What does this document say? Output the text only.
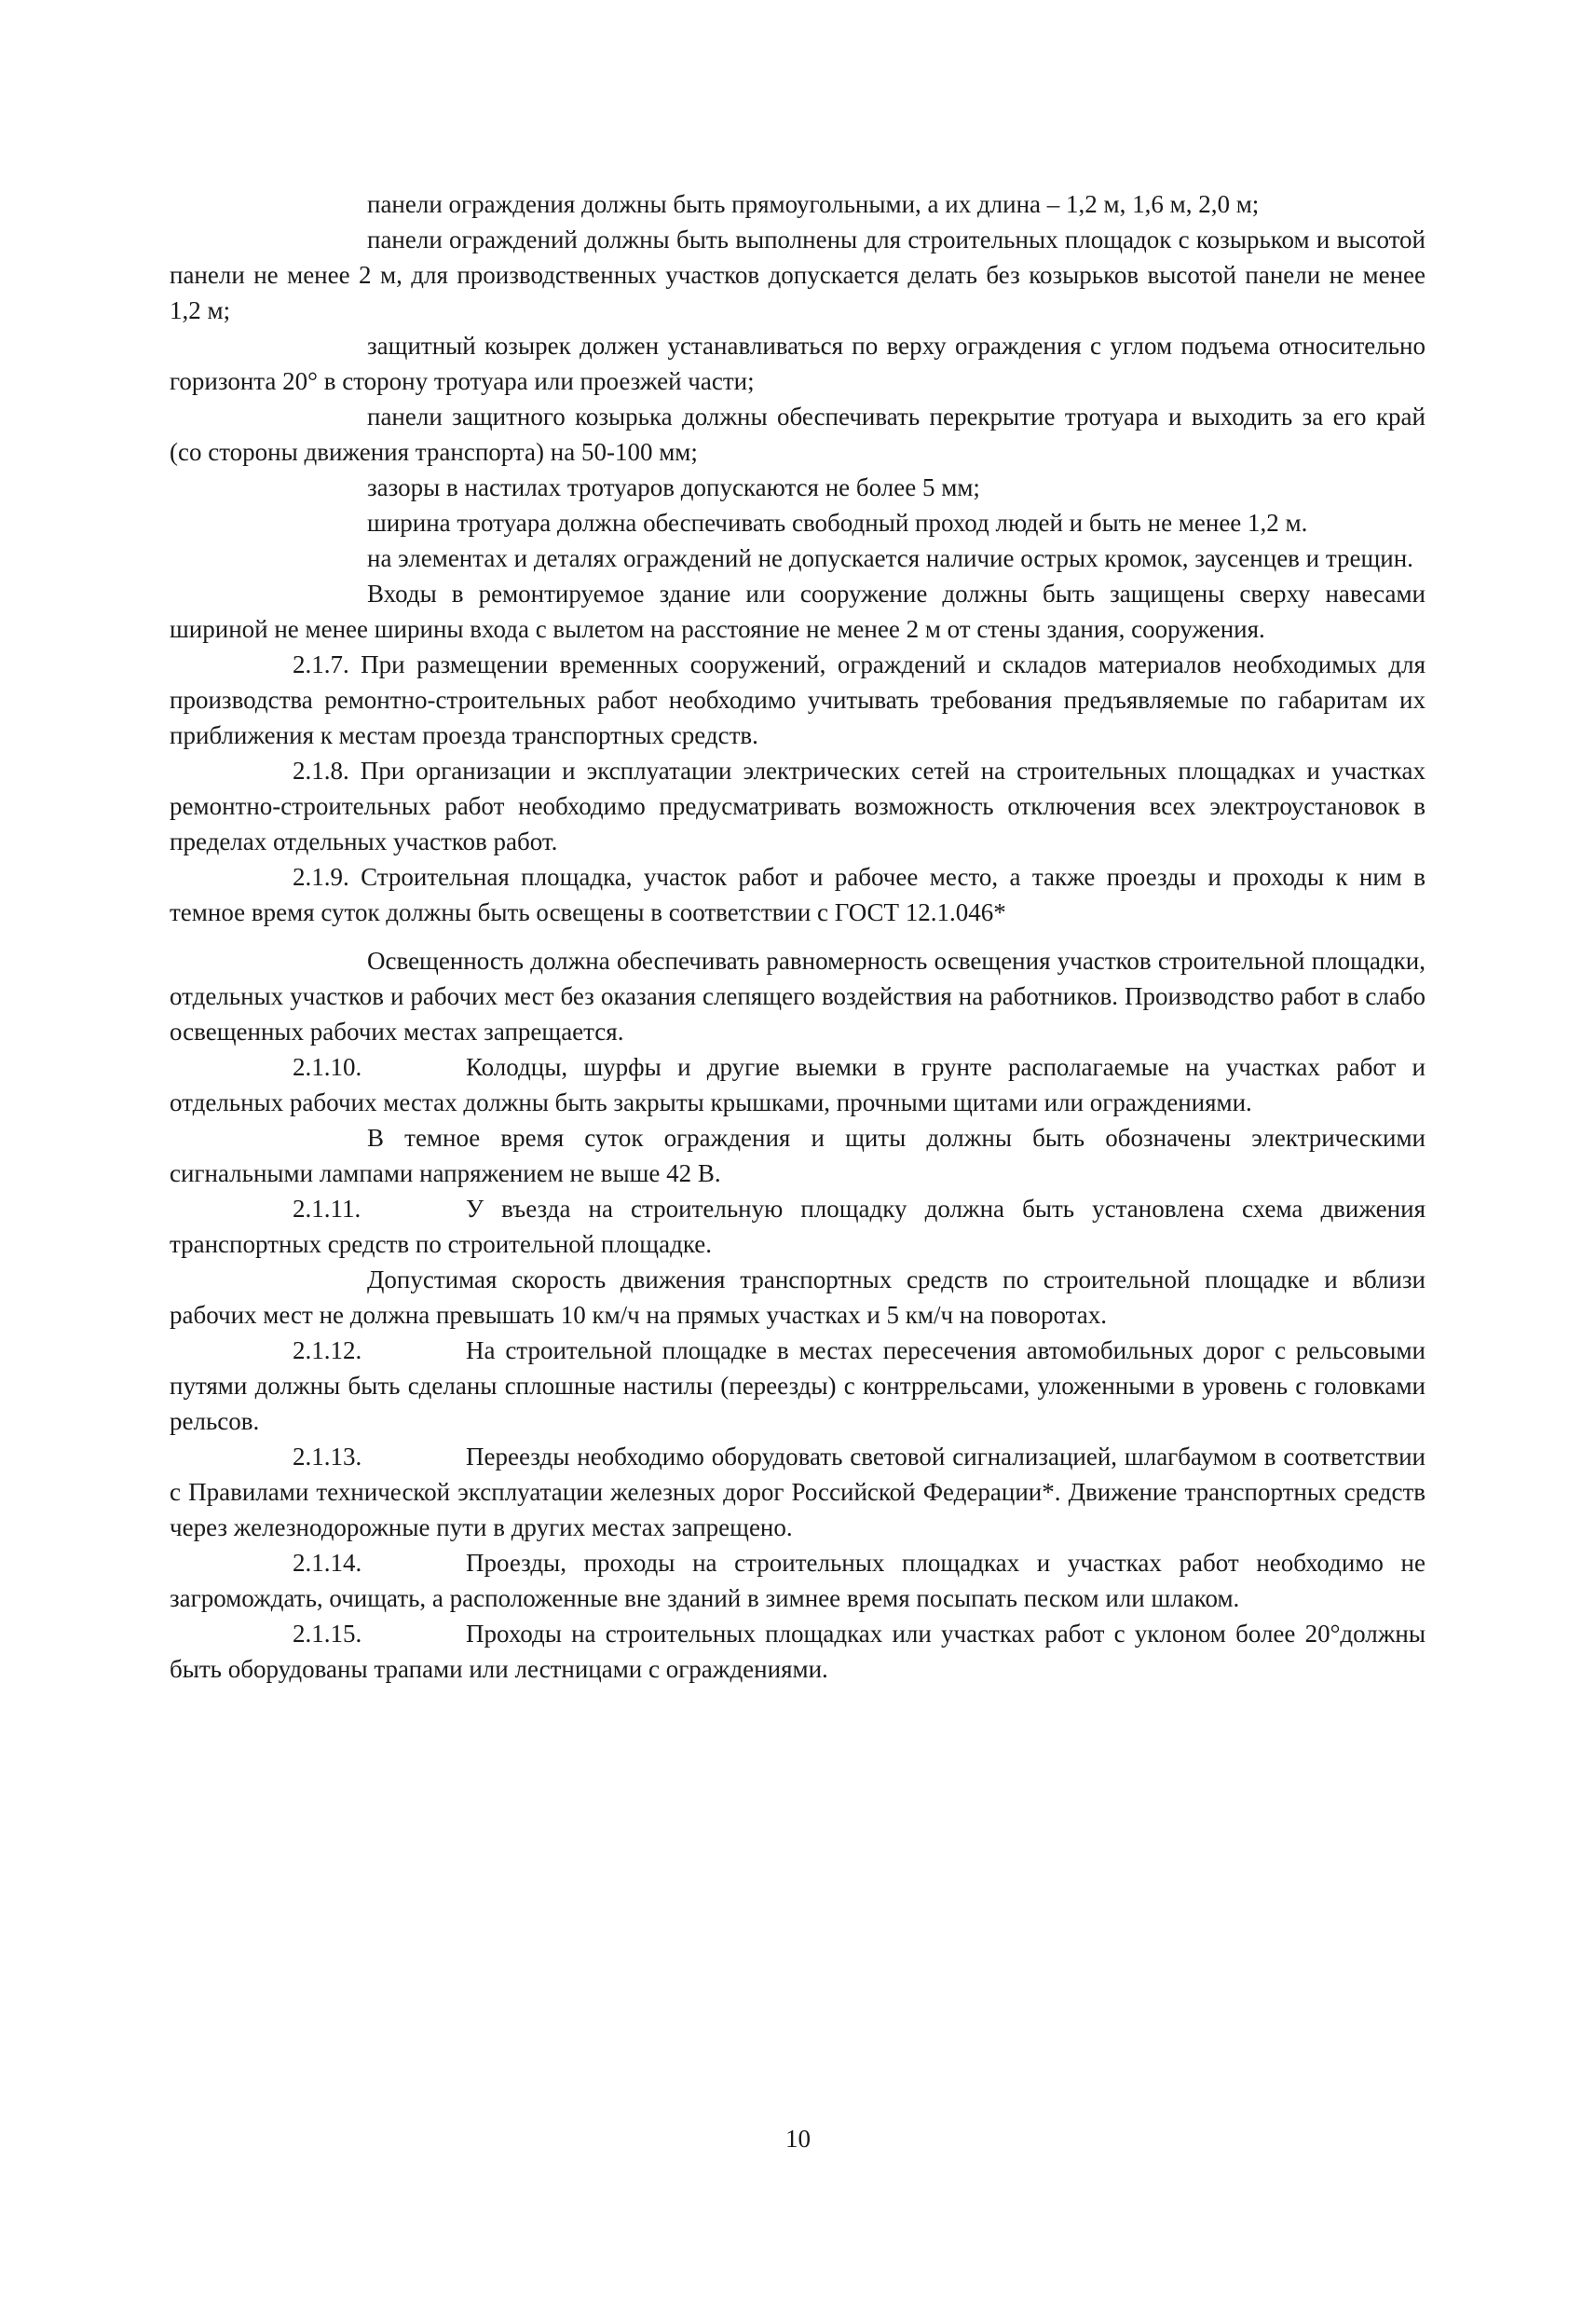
панели ограждения должны быть прямоугольными, а их длина – 1,2 м, 1,6 м, 2,0 м;

панели ограждений должны быть выполнены для строительных площадок с козырьком и высотой панели не менее 2 м, для производственных участков допускается делать без козырьков высотой панели не менее 1,2 м;

защитный козырек должен устанавливаться по верху ограждения с углом подъема относительно горизонта 20° в сторону тротуара или проезжей части;

панели защитного козырька должны обеспечивать перекрытие тротуара и выходить за его край (со стороны движения транспорта) на 50-100 мм;

зазоры в настилах тротуаров допускаются не более 5 мм;

ширина тротуара должна обеспечивать свободный проход людей и быть не менее 1,2 м.

на элементах и деталях ограждений не допускается наличие острых кромок, заусенцев и трещин.

Входы в ремонтируемое здание или сооружение должны быть защищены сверху навесами шириной не менее ширины входа с вылетом на расстояние не менее 2 м от стены здания, сооружения.

2.1.7. При размещении временных сооружений, ограждений и складов материалов необходимых для производства ремонтно-строительных работ необходимо учитывать требования предъявляемые по габаритам их приближения к местам проезда транспортных средств.

2.1.8. При организации и эксплуатации электрических сетей на строительных площадках и участках ремонтно-строительных работ необходимо предусматривать возможность отключения всех электроустановок в пределах отдельных участков работ.

2.1.9. Строительная площадка, участок работ и рабочее место, а также проезды и проходы к ним в темное время суток должны быть освещены в соответствии с ГОСТ 12.1.046*

Освещенность должна обеспечивать равномерность освещения участков строительной площадки, отдельных участков и рабочих мест без оказания слепящего воздействия на работников. Производство работ в слабо освещенных рабочих местах запрещается.

2.1.10.	Колодцы, шурфы и другие выемки в грунте располагаемые на участках работ и отдельных рабочих местах должны быть закрыты крышками, прочными щитами или ограждениями.

В темное время суток ограждения и щиты должны быть обозначены электрическими сигнальными лампами напряжением не выше 42 В.

2.1.11.	У въезда на строительную площадку должна быть установлена схема движения транспортных средств по строительной площадке.

Допустимая скорость движения транспортных средств по строительной площадке и вблизи рабочих мест не должна превышать 10 км/ч на прямых участках и 5 км/ч на поворотах.

2.1.12.	На строительной площадке в местах пересечения автомобильных дорог с рельсовыми путями должны быть сделаны сплошные настилы (переезды) с контррельсами, уложенными в уровень с головками рельсов.

2.1.13.	Переезды необходимо оборудовать световой сигнализацией, шлагбаумом в соответствии с Правилами технической эксплуатации железных дорог Российской Федерации*. Движение транспортных средств через железнодорожные пути в других местах запрещено.

2.1.14.	Проезды, проходы на строительных площадках и участках работ необходимо не загромождать, очищать, а расположенные вне зданий в зимнее время посыпать песком или шлаком.

2.1.15.	Проходы на строительных площадках или участках работ с уклоном более 20°должны быть оборудованы трапами или лестницами с ограждениями.

10
